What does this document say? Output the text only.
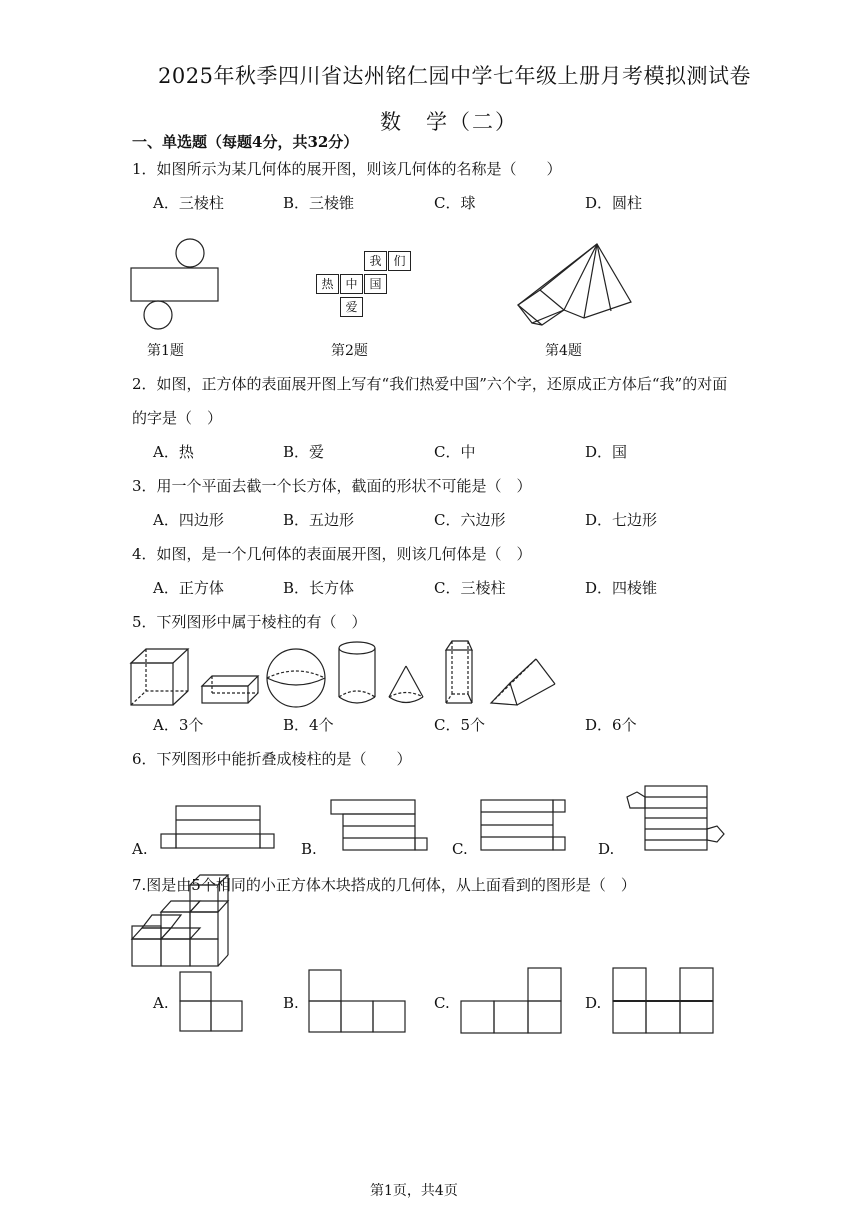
2025年秋季四川省达州铭仁园中学七年级上册月考模拟测试卷
数　学（二）
一、单选题（每题4分，共32分）
1．如图所示为某几何体的展开图，则该几何体的名称是（　　）
A．三棱柱	B．三棱锥	C．球	D．圆柱
我 们
热 中 国
爱
第1题	第2题	第4题
2．如图，正方体的表面展开图上写有“我们热爱中国”六个字，还原成正方体后“我”的对面
的字是（　）
A．热	B．爱	C．中	D．国
3．用一个平面去截一个长方体，截面的形状不可能是（　）
A．四边形	B．五边形	C．六边形	D．七边形
4．如图，是一个几何体的表面展开图，则该几何体是（　）
A．正方体	B．长方体	C．三棱柱	D．四棱锥
5．下列图形中属于棱柱的有（　）
A．3个	B．4个	C．5个	D．6个
6．下列图形中能折叠成棱柱的是（　　）
A.	B.	C.	D.
7.图是由5个相同的小正方体木块搭成的几何体，从上面看到的图形是（　）
A.	B.	C.	D.
第1页，共4页
